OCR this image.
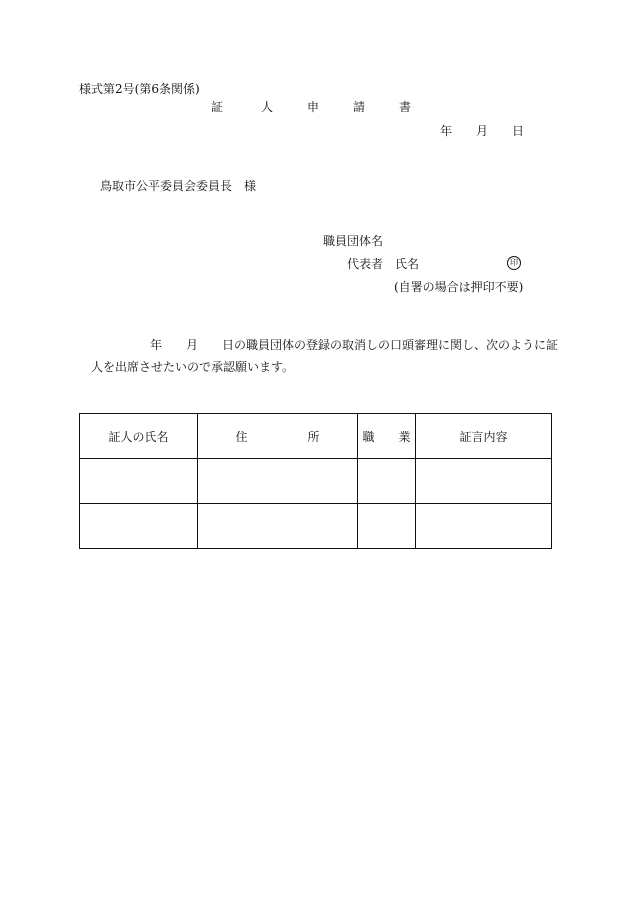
様式第2号(第6条関係)
証	人	申	請	書
年 月 日
鳥取市公平委員会委員長　様
職員団体名
代表者　氏名	印
(自署の場合は押印不要)
年 月 日の職員団体の登録の取消しの口頭審理に関し、次のように証
人を出席させたいので承認願います。
証人の氏名	住　　　　　所	職　　業	証言内容
